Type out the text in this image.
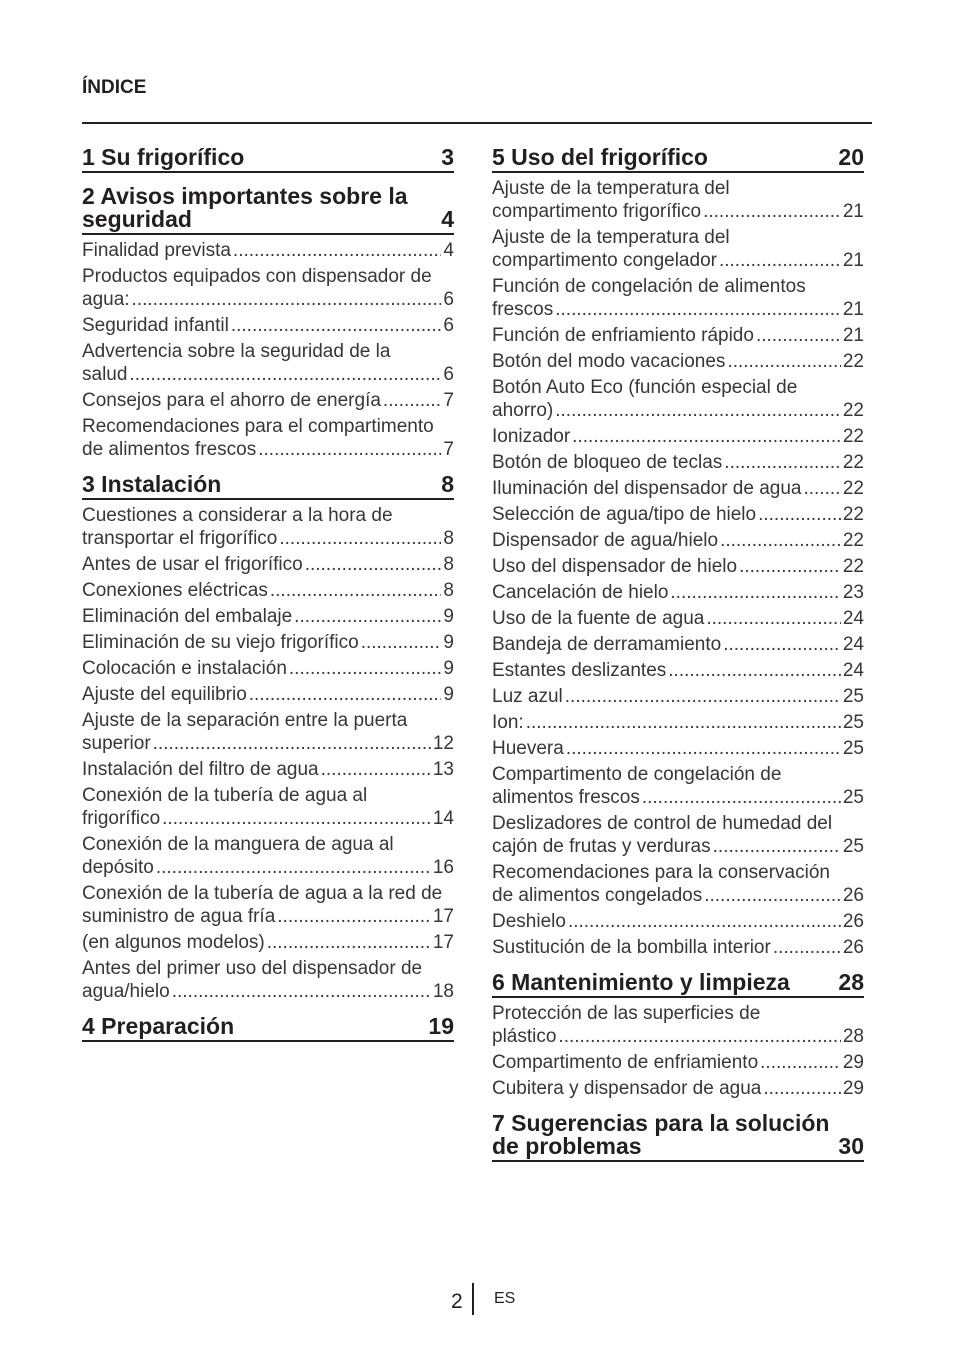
ÍNDICE
1 Su frigorífico	3
2 Avisos importantes sobre la
seguridad	4
Finalidad prevista .....	4
Productos equipados con dispensador de
agua: .....	6
Seguridad infantil .....	6
Advertencia sobre la seguridad de la
salud .....	6
Consejos para el ahorro de energía .....	7
Recomendaciones para el compartimento
de alimentos frescos .....	7
3 Instalación	8
Cuestiones a considerar a la hora de
transportar el frigorífico .....	8
Antes de usar el frigorífico .....	8
Conexiones eléctricas .....	8
Eliminación del embalaje .....	9
Eliminación de su viejo frigorífico .....	9
Colocación e instalación .....	9
Ajuste del equilibrio .....	9
Ajuste de la separación entre la puerta
superior .....	12
Instalación del filtro de agua .....	13
Conexión de la tubería de agua al
frigorífico .....	14
Conexión de la manguera de agua al
depósito .....	16
Conexión de la tubería de agua a la red de
suministro de agua fría .....	17
(en algunos modelos) .....	17
Antes del primer uso del dispensador de
agua/hielo .....	18
4 Preparación	19
5 Uso del frigorífico	20
Ajuste de la temperatura del
compartimento frigorífico .....	21
Ajuste de la temperatura del
compartimento congelador .....	21
Función de congelación de alimentos
frescos .....	21
Función de enfriamiento rápido .....	21
Botón del modo vacaciones .....	22
Botón Auto Eco (función especial de
ahorro) .....	22
Ionizador .....	22
Botón de bloqueo de teclas .....	22
Iluminación del dispensador de agua ..... 22
Selección de agua/tipo de hielo .....	22
Dispensador de agua/hielo .....	22
Uso del dispensador de hielo .....	22
Cancelación de hielo .....	23
Uso de la fuente de agua .....	24
Bandeja de derramamiento .....	24
Estantes deslizantes .....	24
Luz azul .....	25
Ion: .....	25
Huevera .....	25
Compartimento de congelación de
alimentos frescos .....	25
Deslizadores de control de humedad del
cajón de frutas y verduras .....	25
Recomendaciones para la conservación
de alimentos congelados .....	26
Deshielo .....	26
Sustitución de la bombilla interior .....	26
6 Mantenimiento y limpieza 28
Protección de las superficies de
plástico .....	28
Compartimento de enfriamiento .....	29
Cubitera y dispensador de agua .....	29
7 Sugerencias para la solución
de problemas	30
2 ES
